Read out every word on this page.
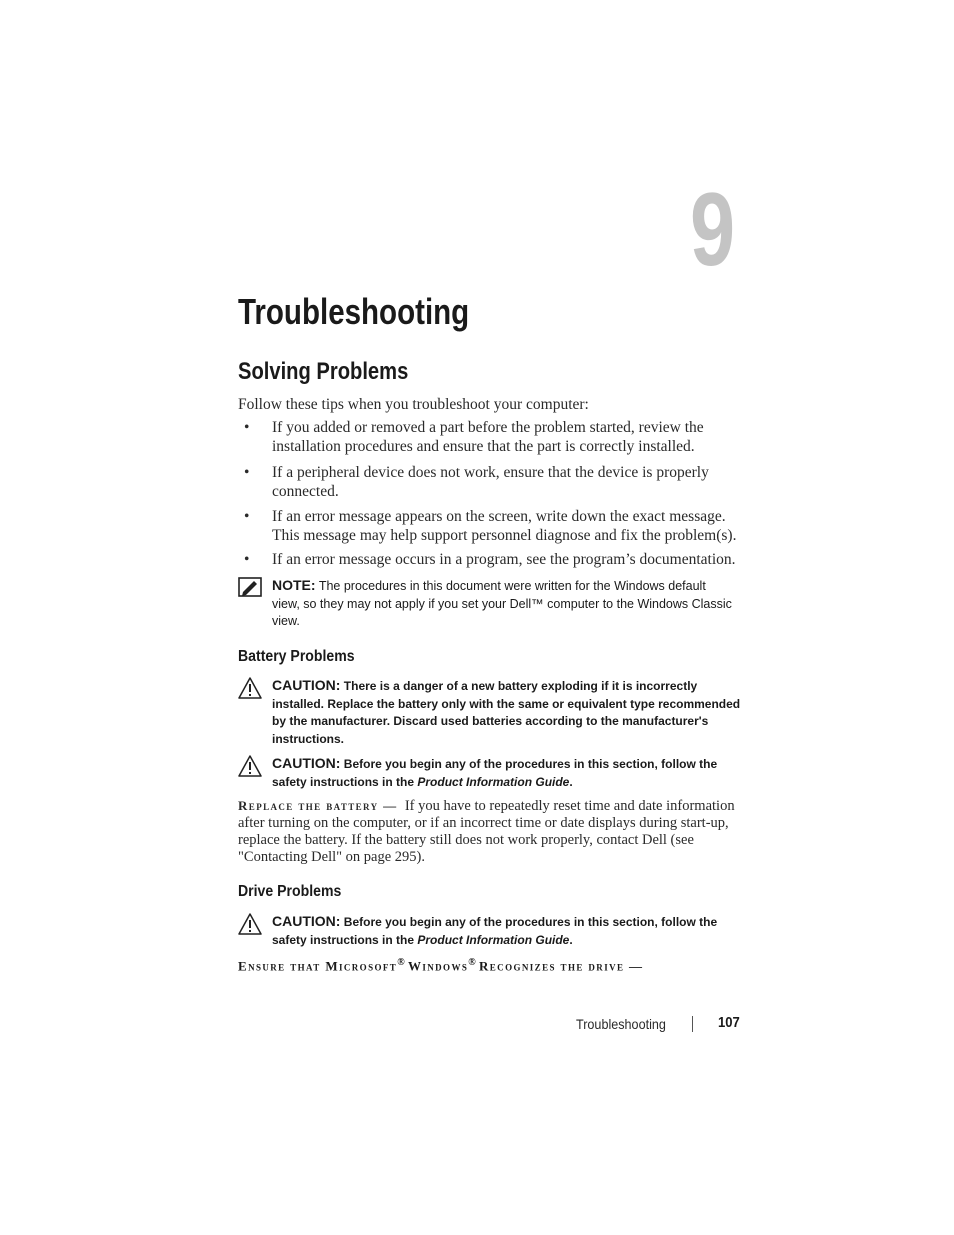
9
Troubleshooting
Solving Problems
Follow these tips when you troubleshoot your computer:
• If you added or removed a part before the problem started, review the
installation procedures and ensure that the part is correctly installed.
• If a peripheral device does not work, ensure that the device is properly
connected.
• If an error message appears on the screen, write down the exact message.
This message may help support personnel diagnose and fix the problem(s).
• If an error message occurs in a program, see the program’s documentation.
NOTE: The procedures in this document were written for the Windows default
view, so they may not apply if you set your Dell™ computer to the Windows Classic
view.
Battery Problems
CAUTION: There is a danger of a new battery exploding if it is incorrectly
installed. Replace the battery only with the same or equivalent type recommended
by the manufacturer. Discard used batteries according to the manufacturer's
instructions.
CAUTION: Before you begin any of the procedures in this section, follow the
safety instructions in the Product Information Guide.
Replace the battery — If you have to repeatedly reset time and date information
after turning on the computer, or if an incorrect time or date displays during start-up,
replace the battery. If the battery still does not work properly, contact Dell (see
"Contacting Dell" on page 295).
Drive Problems
CAUTION: Before you begin any of the procedures in this section, follow the
safety instructions in the Product Information Guide.
Ensure that Microsoft® Windows® Recognizes the drive —
Troubleshooting	107
